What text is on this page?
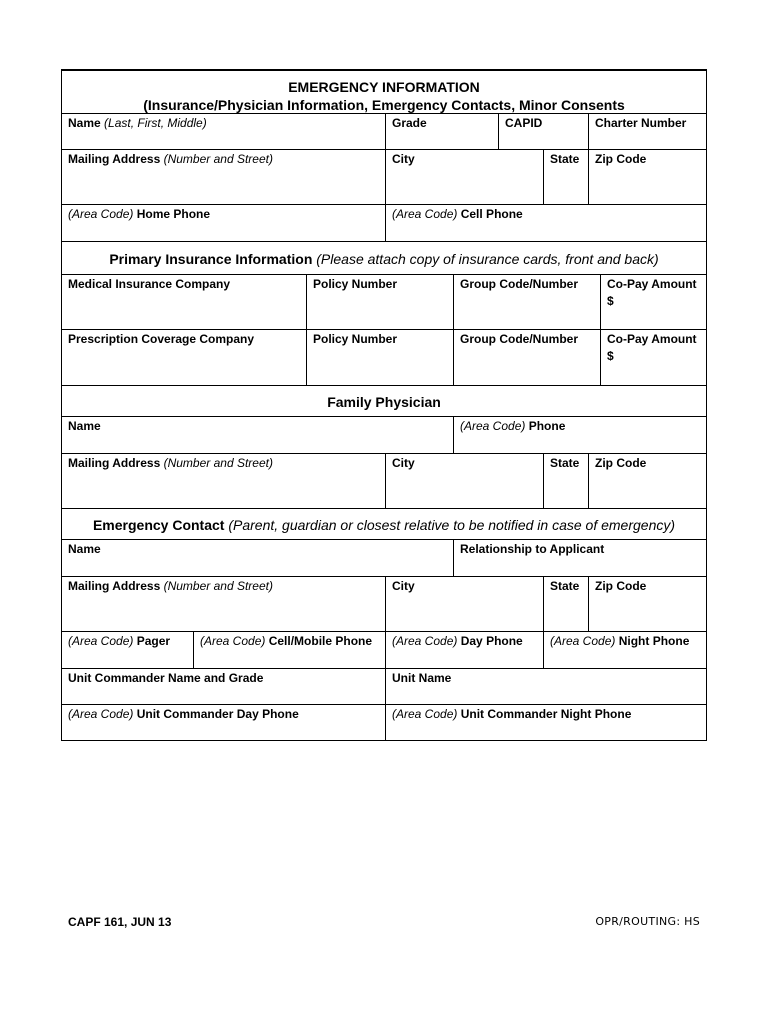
EMERGENCY INFORMATION
(Insurance/Physician Information, Emergency Contacts, Minor Consents
Name (Last, First, Middle)	Grade	CAPID	Charter Number
Mailing Address (Number and Street)	City	State	Zip Code
(Area Code) Home Phone	(Area Code) Cell Phone
Primary Insurance Information (Please attach copy of insurance cards, front and back)
Medical Insurance Company	Policy Number	Group Code/Number	Co-Pay Amount
$
Prescription Coverage Company	Policy Number	Group Code/Number	Co-Pay Amount
$
Family Physician
Name	(Area Code) Phone
Mailing Address (Number and Street)	City	State	Zip Code
Emergency Contact (Parent, guardian or closest relative to be notified in case of emergency)
Name	Relationship to Applicant
Mailing Address (Number and Street)	City	State	Zip Code
(Area Code) Pager	(Area Code) Cell/Mobile Phone	(Area Code) Day Phone	(Area Code) Night Phone
Unit Commander Name and Grade	Unit Name
(Area Code) Unit Commander Day Phone	(Area Code) Unit Commander Night Phone
CAPF 161, JUN 13	OPR/ROUTING: HS
